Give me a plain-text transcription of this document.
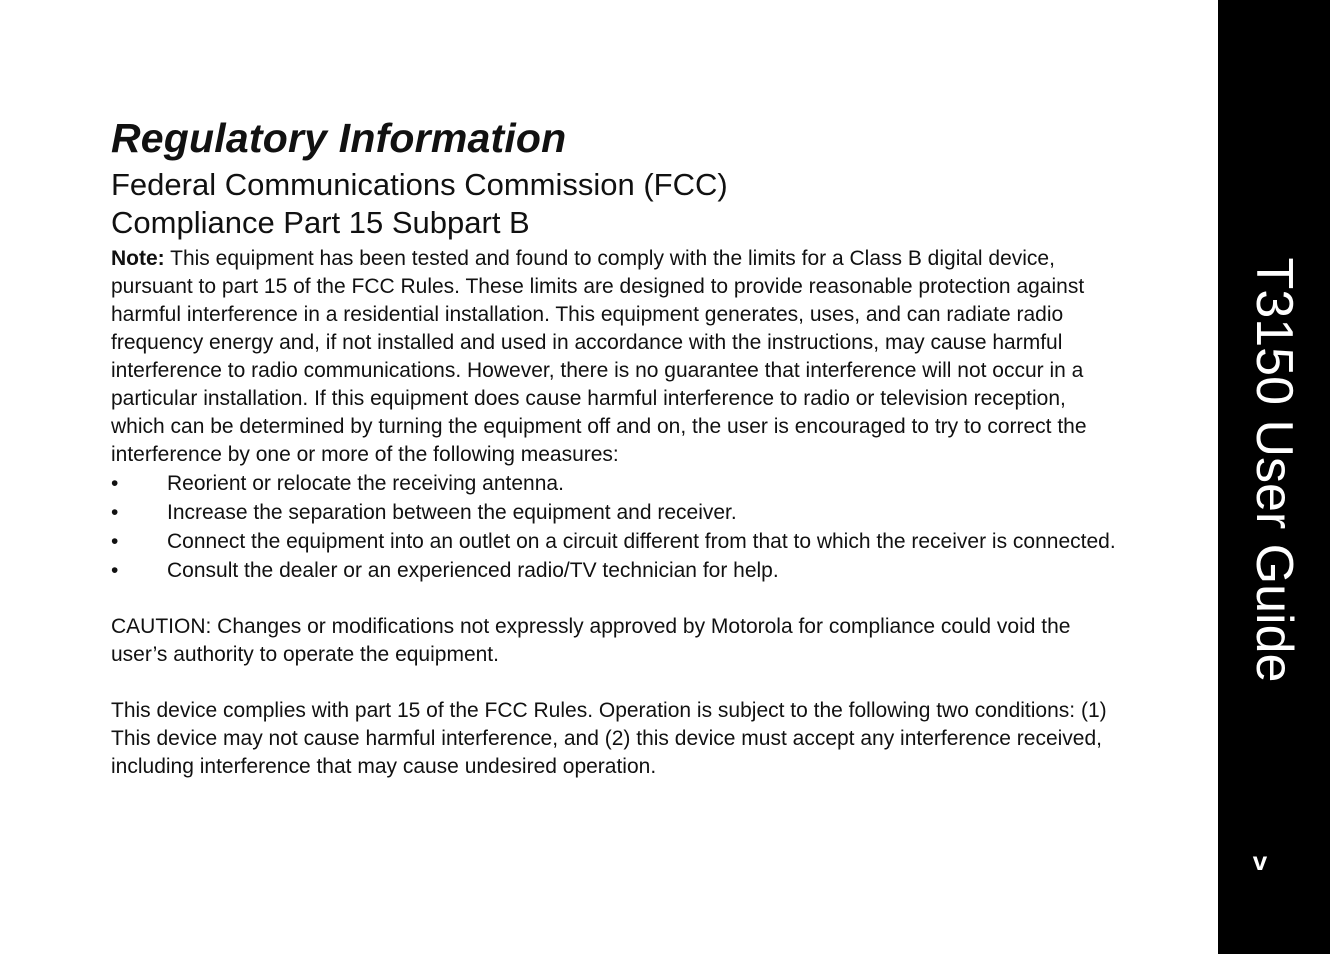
Regulatory Information
Federal Communications Commission (FCC)
Compliance Part 15 Subpart B

Note: This equipment has been tested and found to comply with the limits for a Class B digital device, pursuant to part 15 of the FCC Rules. These limits are designed to provide reasonable protection against harmful interference in a residential installation. This equipment generates, uses, and can radiate radio frequency energy and, if not installed and used in accordance with the instructions, may cause harmful interference to radio communications. However, there is no guarantee that interference will not occur in a particular installation. If this equipment does cause harmful interference to radio or television reception, which can be determined by turning the equipment off and on, the user is encouraged to try to correct the interference by one or more of the following measures:

• Reorient or relocate the receiving antenna.
• Increase the separation between the equipment and receiver.
• Connect the equipment into an outlet on a circuit different from that to which the receiver is connected.
• Consult the dealer or an experienced radio/TV technician for help.

CAUTION: Changes or modifications not expressly approved by Motorola for compliance could void the user’s authority to operate the equipment.

This device complies with part 15 of the FCC Rules. Operation is subject to the following two conditions: (1) This device may not cause harmful interference, and (2) this device must accept any interference received, including interference that may cause undesired operation.

T3150 User Guide
v
